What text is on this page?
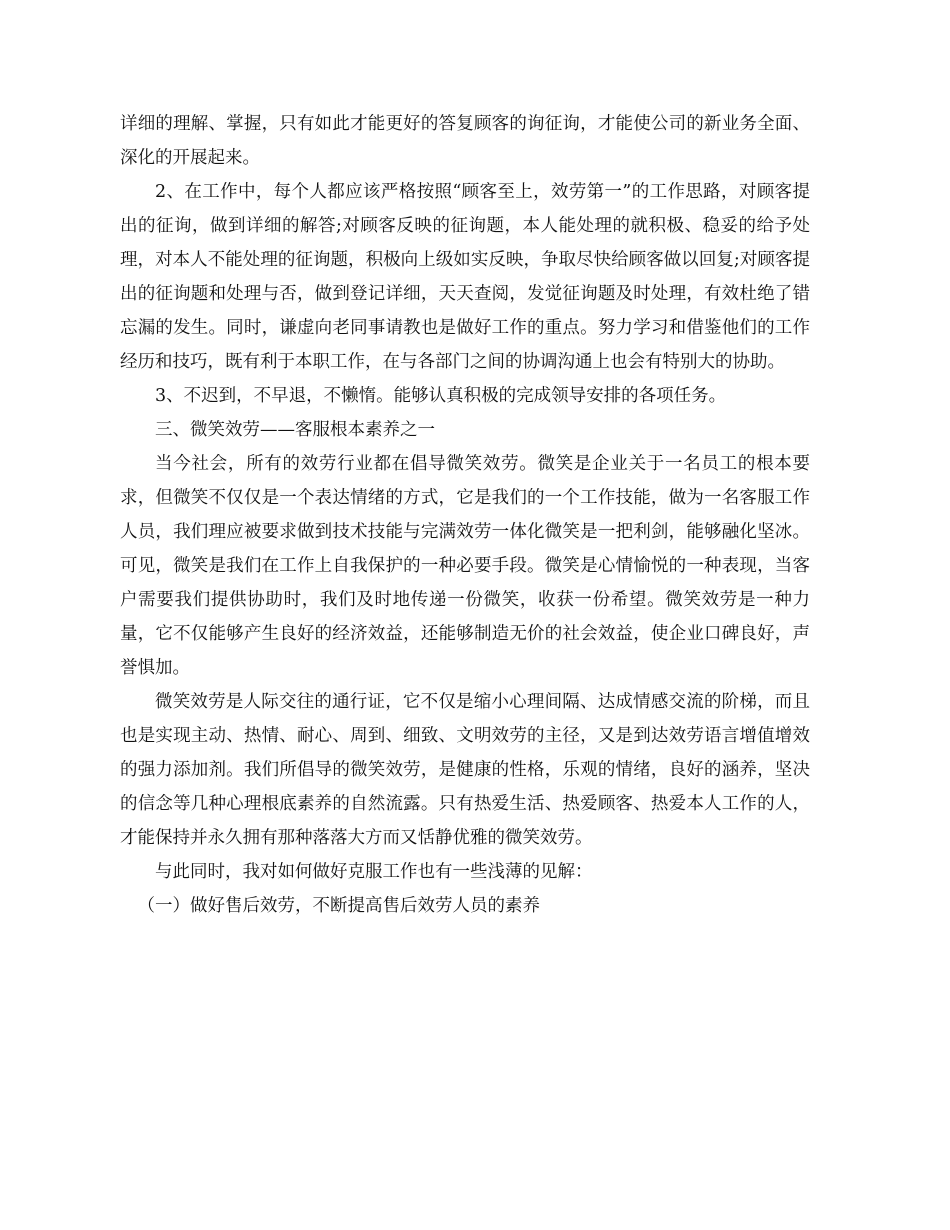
详细的理解、掌握，只有如此才能更好的答复顾客的询征询，才能使公司的新业务全面、深化的开展起来。

2、在工作中，每个人都应该严格按照“顾客至上，效劳第一”的工作思路，对顾客提出的征询，做到详细的解答;对顾客反映的征询题，本人能处理的就积极、稳妥的给予处理，对本人不能处理的征询题，积极向上级如实反映，争取尽快给顾客做以回复;对顾客提出的征询题和处理与否，做到登记详细，天天查阅，发觉征询题及时处理，有效杜绝了错忘漏的发生。同时，谦虚向老同事请教也是做好工作的重点。努力学习和借鉴他们的工作经历和技巧，既有利于本职工作，在与各部门之间的协调沟通上也会有特别大的协助。

3、不迟到，不早退，不懒惰。能够认真积极的完成领导安排的各项任务。

三、微笑效劳——客服根本素养之一

当今社会，所有的效劳行业都在倡导微笑效劳。微笑是企业关于一名员工的根本要求，但微笑不仅仅是一个表达情绪的方式，它是我们的一个工作技能，做为一名客服工作人员，我们理应被要求做到技术技能与完满效劳一体化微笑是一把利剑，能够融化坚冰。可见，微笑是我们在工作上自我保护的一种必要手段。微笑是心情愉悦的一种表现，当客户需要我们提供协助时，我们及时地传递一份微笑，收获一份希望。微笑效劳是一种力量，它不仅能够产生良好的经济效益，还能够制造无价的社会效益，使企业口碑良好，声誉惧加。

微笑效劳是人际交往的通行证，它不仅是缩小心理间隔、达成情感交流的阶梯，而且也是实现主动、热情、耐心、周到、细致、文明效劳的主径，又是到达效劳语言增值增效的强力添加剂。我们所倡导的微笑效劳，是健康的性格，乐观的情绪，良好的涵养，坚决的信念等几种心理根底素养的自然流露。只有热爱生活、热爱顾客、热爱本人工作的人，才能保持并永久拥有那种落落大方而又恬静优雅的微笑效劳。

与此同时，我对如何做好克服工作也有一些浅薄的见解：

（一）做好售后效劳，不断提高售后效劳人员的素养
